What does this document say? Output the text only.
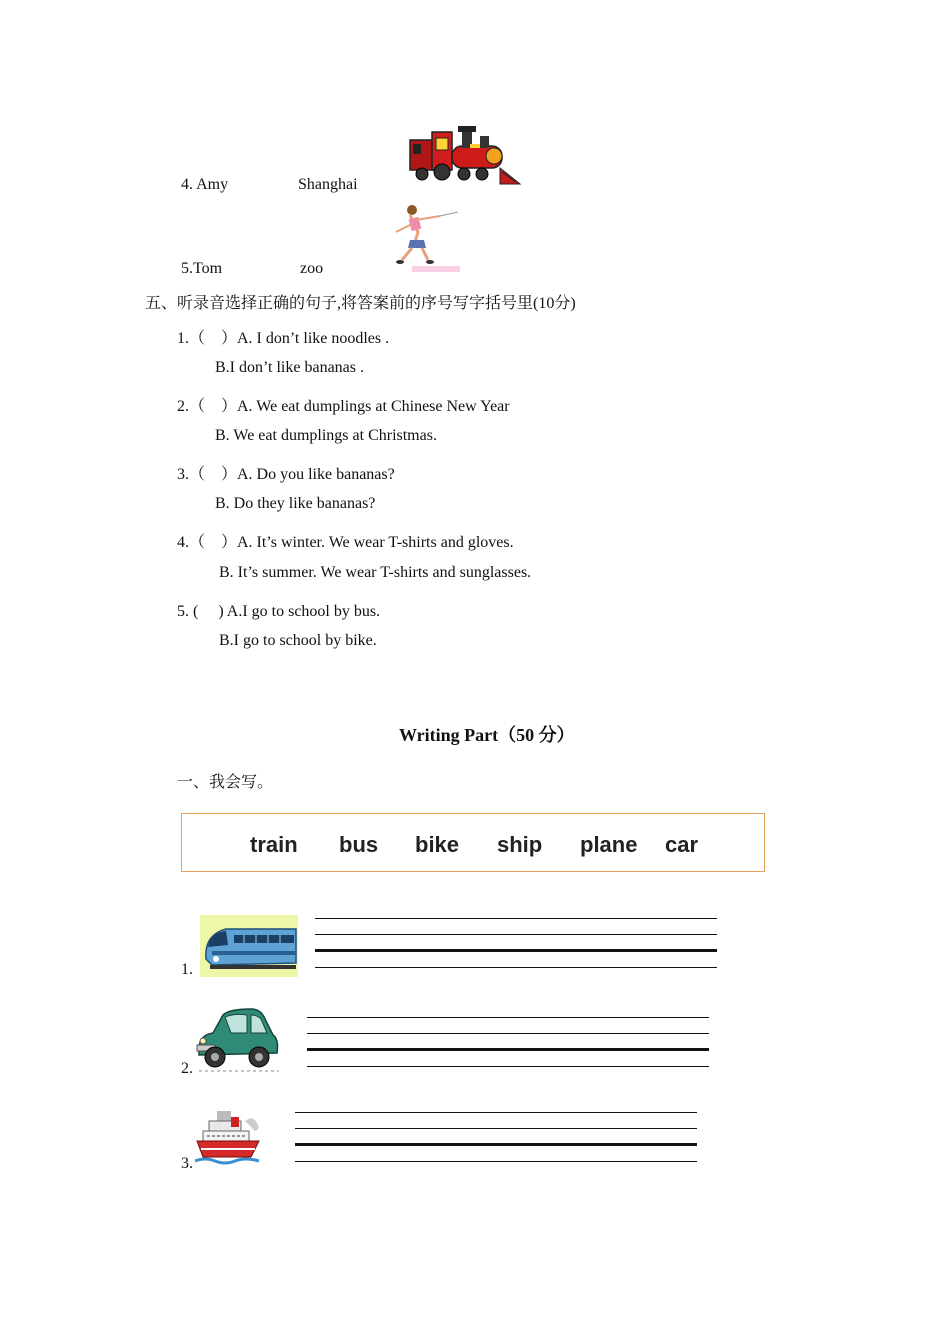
4. Amy	Shanghai
5.Tom	zoo
五、听录音选择正确的句子,将答案前的序号写字括号里(10分)
1.（　）A. I don’t like noodles .
B.I don’t like bananas .
2.（　）A. We eat dumplings at Chinese New Year
B. We eat dumplings at Christmas.
3.（　）A. Do you like bananas?
B. Do they like bananas?
4.（　）A. It’s winter. We wear T-shirts and gloves.
B. It’s summer. We wear T-shirts and sunglasses.
5. (　 ) A.I go to school by bus.
B.I go to school by bike.
Writing Part（50 分）
一、我会写。
train bus bike ship plane car
1.
2.
3.
